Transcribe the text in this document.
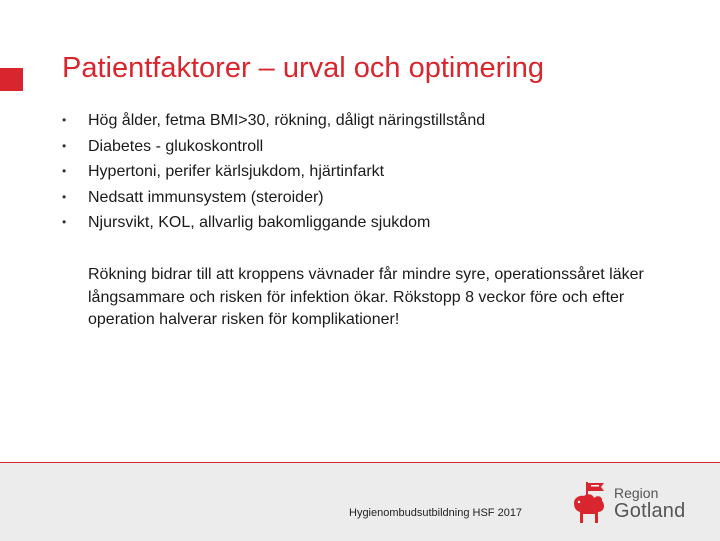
Patientfaktorer – urval och optimering
•	Hög ålder, fetma BMI>30, rökning, dåligt näringstillstånd
•	Diabetes - glukoskontroll
•	Hypertoni, perifer kärlsjukdom, hjärtinfarkt
•	Nedsatt immunsystem (steroider)
•	Njursvikt, KOL, allvarlig bakomliggande sjukdom

Rökning bidrar till att kroppens vävnader får mindre syre, operationssåret läker långsammare och risken för infektion ökar. Rökstopp 8 veckor före och efter operation halverar risken för komplikationer!

Hygienombudsutbildning HSF 2017
Region
Gotland
